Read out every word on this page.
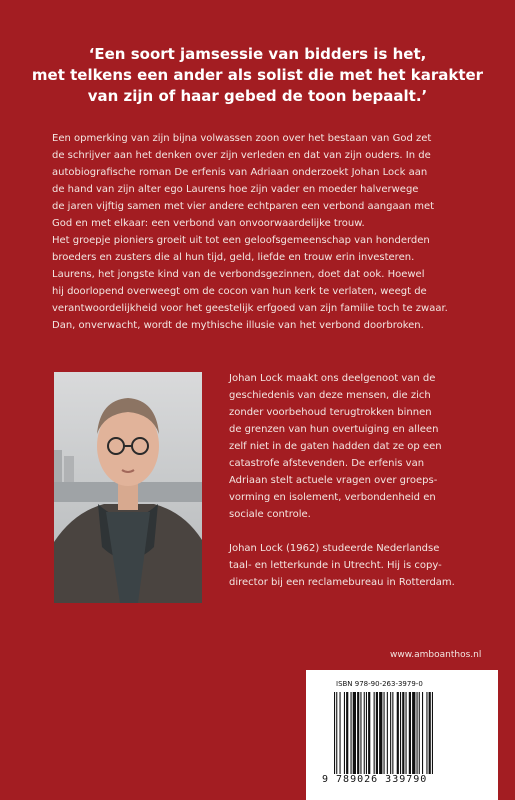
‘Een soort jamsessie van bidders is het,
met telkens een ander als solist die met het karakter
van zijn of haar gebed de toon bepaalt.’
Een opmerking van zijn bijna volwassen zoon over het bestaan van God zet
de schrijver aan het denken over zijn verleden en dat van zijn ouders. In de
autobiografische roman De erfenis van Adriaan onderzoekt Johan Lock aan
de hand van zijn alter ego Laurens hoe zijn vader en moeder halverwege
de jaren vijftig samen met vier andere echtparen een verbond aangaan met
God en met elkaar: een verbond van onvoorwaardelijke trouw.
Het groepje pioniers groeit uit tot een geloofsgemeenschap van honderden
broeders en zusters die al hun tijd, geld, liefde en trouw erin investeren.
Laurens, het jongste kind van de verbondsgezinnen, doet dat ook. Hoewel
hij doorlopend overweegt om de cocon van hun kerk te verlaten, weegt de
verantwoordelijkheid voor het geestelijk erfgoed van zijn familie toch te zwaar.
Dan, onverwacht, wordt de mythische illusie van het verbond doorbroken.
Johan Lock maakt ons deelgenoot van de
geschiedenis van deze mensen, die zich
zonder voorbehoud terugtrokken binnen
de grenzen van hun overtuiging en alleen
zelf niet in de gaten hadden dat ze op een
catastrofe afstevenden. De erfenis van
Adriaan stelt actuele vragen over groeps-
vorming en isolement, verbondenheid en
sociale controle.
Johan Lock (1962) studeerde Nederlandse
taal- en letterkunde in Utrecht. Hij is copy-
director bij een reclamebureau in Rotterdam.
www.amboanthos.nl
ISBN 978-90-263-3979-0
9 789026 339790
